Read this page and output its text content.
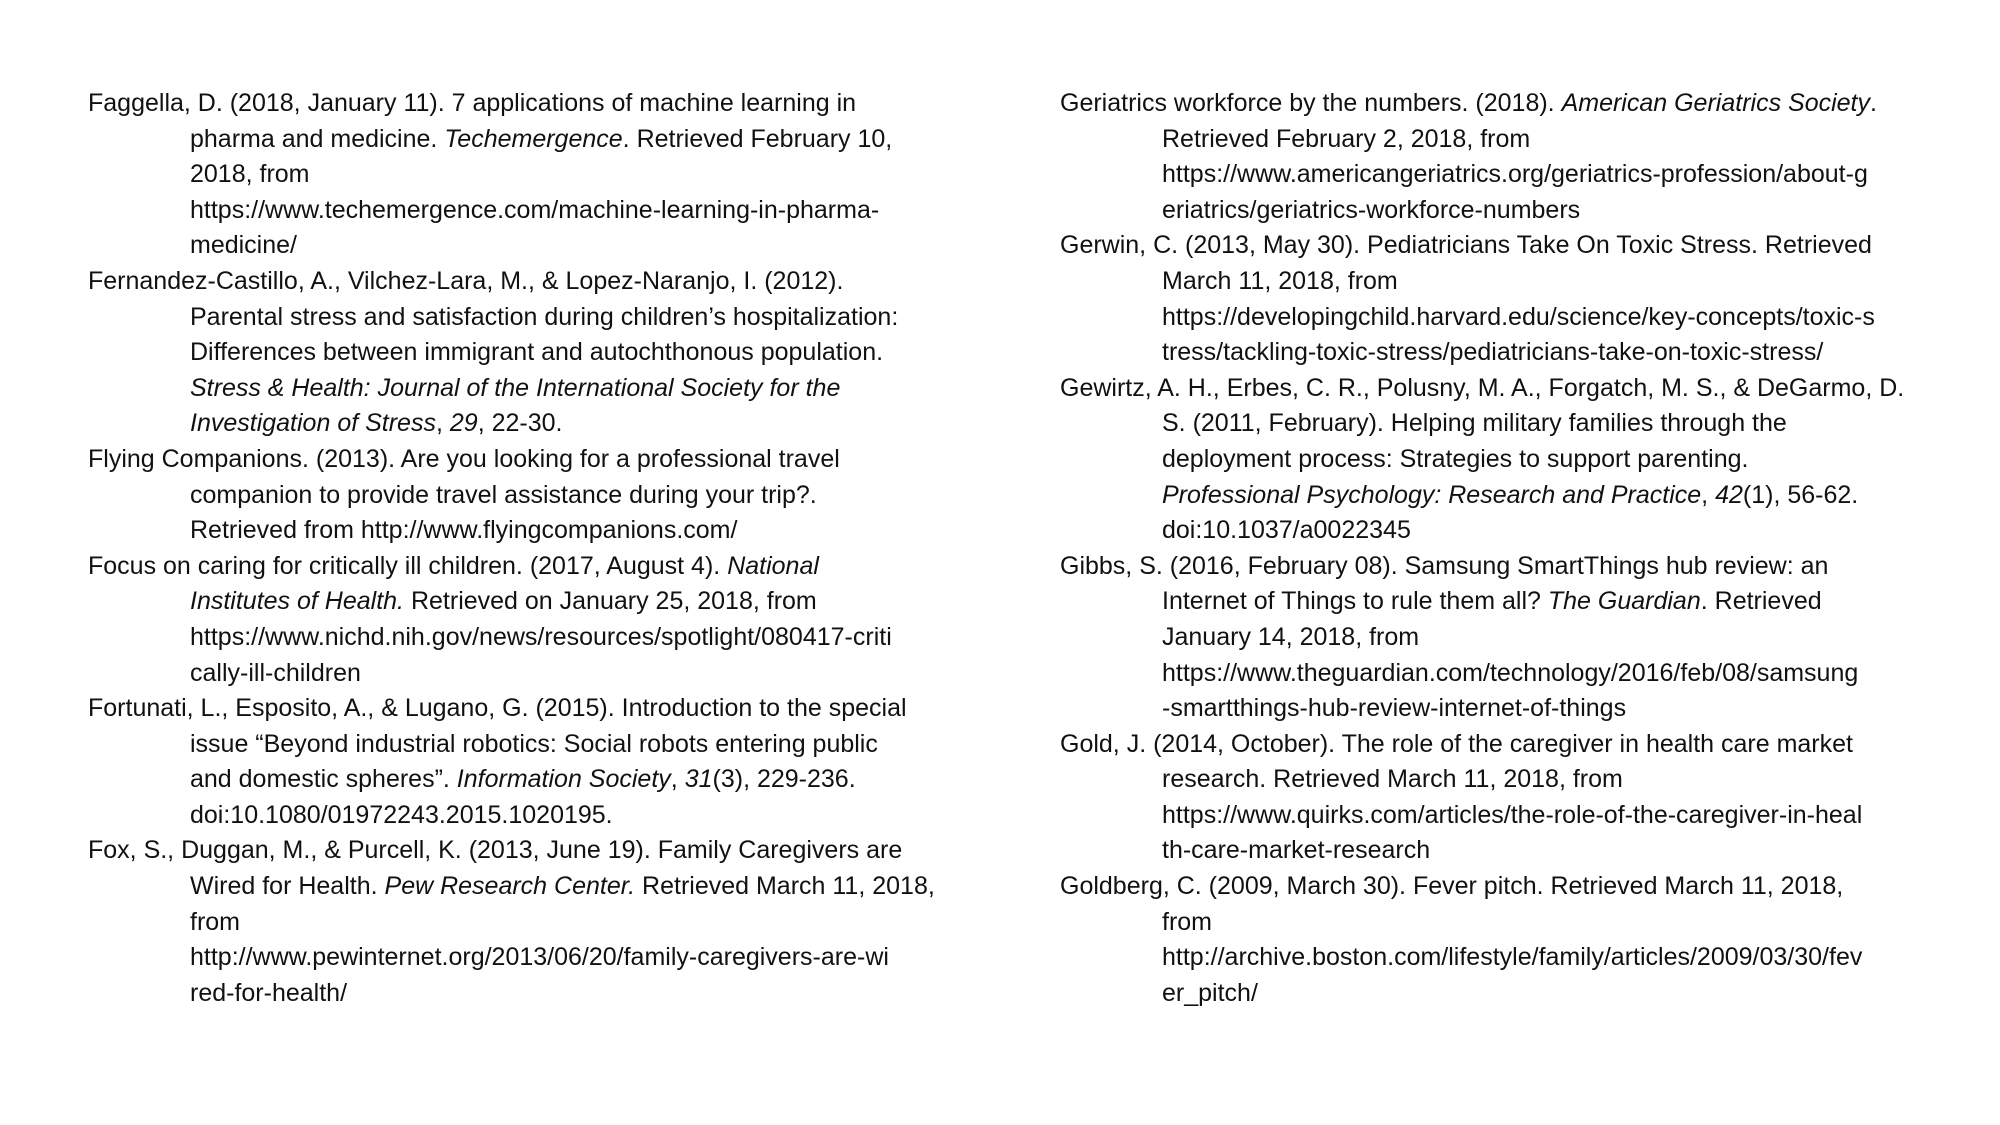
Faggella, D. (2018, January 11). 7 applications of machine learning in
pharma and medicine. Techemergence. Retrieved February 10,
2018, from
https://www.techemergence.com/machine-learning-in-pharma-
medicine/

Fernandez-Castillo, A., Vilchez-Lara, M., & Lopez-Naranjo, I. (2012).
Parental stress and satisfaction during children’s hospitalization:
Differences between immigrant and autochthonous population.
Stress & Health: Journal of the International Society for the
Investigation of Stress, 29, 22-30.

Flying Companions. (2013). Are you looking for a professional travel
companion to provide travel assistance during your trip?.
Retrieved from http://www.flyingcompanions.com/

Focus on caring for critically ill children. (2017, August 4). National
Institutes of Health. Retrieved on January 25, 2018, from
https://www.nichd.nih.gov/news/resources/spotlight/080417-criti
cally-ill-children

Fortunati, L., Esposito, A., & Lugano, G. (2015). Introduction to the special
issue “Beyond industrial robotics: Social robots entering public
and domestic spheres”. Information Society, 31(3), 229-236.
doi:10.1080/01972243.2015.1020195.

Fox, S., Duggan, M., & Purcell, K. (2013, June 19). Family Caregivers are
Wired for Health. Pew Research Center. Retrieved March 11, 2018,
from
http://www.pewinternet.org/2013/06/20/family-caregivers-are-wi
red-for-health/

Geriatrics workforce by the numbers. (2018). American Geriatrics Society.
Retrieved February 2, 2018, from
https://www.americangeriatrics.org/geriatrics-profession/about-g
eriatrics/geriatrics-workforce-numbers

Gerwin, C. (2013, May 30). Pediatricians Take On Toxic Stress. Retrieved
March 11, 2018, from
https://developingchild.harvard.edu/science/key-concepts/toxic-s
tress/tackling-toxic-stress/pediatricians-take-on-toxic-stress/

Gewirtz, A. H., Erbes, C. R., Polusny, M. A., Forgatch, M. S., & DeGarmo, D.
S. (2011, February). Helping military families through the
deployment process: Strategies to support parenting.
Professional Psychology: Research and Practice, 42(1), 56-62.
doi:10.1037/a0022345

Gibbs, S. (2016, February 08). Samsung SmartThings hub review: an
Internet of Things to rule them all? The Guardian. Retrieved
January 14, 2018, from
https://www.theguardian.com/technology/2016/feb/08/samsung
-smartthings-hub-review-internet-of-things

Gold, J. (2014, October). The role of the caregiver in health care market
research. Retrieved March 11, 2018, from
https://www.quirks.com/articles/the-role-of-the-caregiver-in-heal
th-care-market-research

Goldberg, C. (2009, March 30). Fever pitch. Retrieved March 11, 2018,
from
http://archive.boston.com/lifestyle/family/articles/2009/03/30/fev
er_pitch/
